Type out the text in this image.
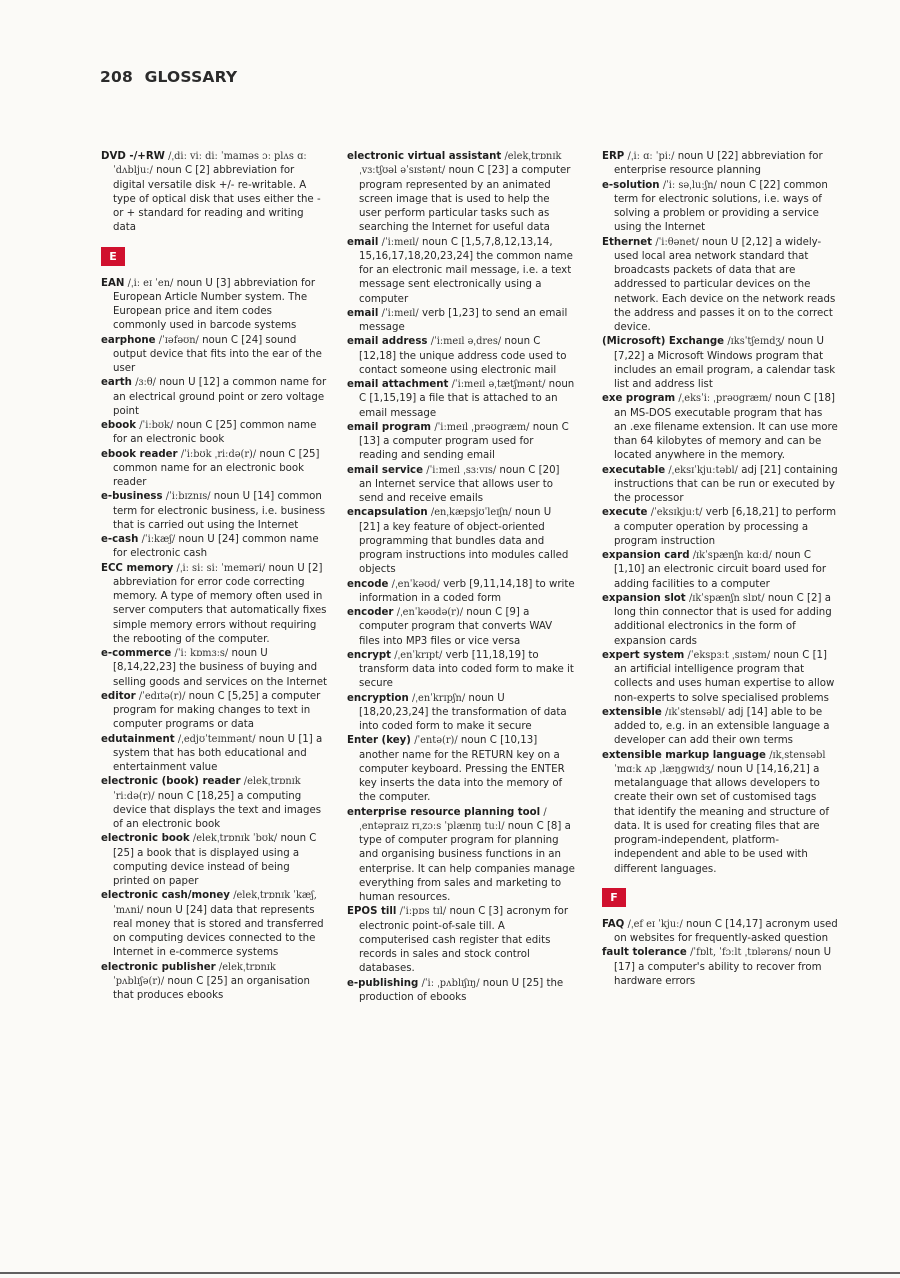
208 GLOSSARY
DVD -/+RW /ˌdiː viː diː ˈmaɪnəs ɔː plʌs ɑː ˈdʌbljuː/ noun C [2] abbreviation for digital versatile disk +/- re-writable. A type of optical disk that uses either the - or + standard for reading and writing data
E
EAN /ˌiː eɪ ˈen/ noun U [3] abbreviation for European Article Number system. The European price and item codes commonly used in barcode systems
earphone /ˈɪəfəʊn/ noun C [24] sound output device that fits into the ear of the user
earth /ɜːθ/ noun U [12] a common name for an electrical ground point or zero voltage point
ebook /ˈiːbʊk/ noun C [25] common name for an electronic book
ebook reader /ˈiːbʊk ˌriːdə(r)/ noun C [25] common name for an electronic book reader
e-business /ˈiːbɪznɪs/ noun U [14] common term for electronic business, i.e. business that is carried out using the Internet
e-cash /ˈiːkæʃ/ noun U [24] common name for electronic cash
ECC memory /ˌiː siː siː ˈmeməri/ noun U [2] abbreviation for error code correcting memory. A type of memory often used in server computers that automatically fixes simple memory errors without requiring the rebooting of the computer.
e-commerce /ˈiː kɒmɜːs/ noun U [8,14,22,23] the business of buying and selling goods and services on the Internet
editor /ˈedɪtə(r)/ noun C [5,25] a computer program for making changes to text in computer programs or data
edutainment /ˌedjʊˈteɪnmənt/ noun U [1] a system that has both educational and entertainment value
electronic (book) reader /elekˌtrɒnɪk ˈriːdə(r)/ noun C [18,25] a computing device that displays the text and images of an electronic book
electronic book /elekˌtrɒnɪk ˈbʊk/ noun C [25] a book that is displayed using a computing device instead of being printed on paper
electronic cash/money /elekˌtrɒnɪk ˈkæʃ, ˈmʌni/ noun U [24] data that represents real money that is stored and transferred on computing devices connected to the Internet in e-commerce systems
electronic publisher /elekˌtrɒnɪk ˈpʌblɪʃə(r)/ noun C [25] an organisation that produces ebooks
electronic virtual assistant /elekˌtrɒnɪk ˌvɜːtʃʊəl əˈsɪstənt/ noun C [23] a computer program represented by an animated screen image that is used to help the user perform particular tasks such as searching the Internet for useful data
email /ˈiːmeɪl/ noun C [1,5,7,8,12,13,14, 15,16,17,18,20,23,24] the common name for an electronic mail message, i.e. a text message sent electronically using a computer
email /ˈiːmeɪl/ verb [1,23] to send an email message
email address /ˈiːmeɪl əˌdres/ noun C [12,18] the unique address code used to contact someone using electronic mail
email attachment /ˈiːmeɪl əˌtætʃmənt/ noun C [1,15,19] a file that is attached to an email message
email program /ˈiːmeɪl ˌprəʊgræm/ noun C [13] a computer program used for reading and sending email
email service /ˈiːmeɪl ˌsɜːvɪs/ noun C [20] an Internet service that allows user to send and receive emails
encapsulation /enˌkæpsjʊˈleɪʃn/ noun U [21] a key feature of object-oriented programming that bundles data and program instructions into modules called objects
encode /ˌenˈkəʊd/ verb [9,11,14,18] to write information in a coded form
encoder /ˌenˈkəʊdə(r)/ noun C [9] a computer program that converts WAV files into MP3 files or vice versa
encrypt /ˌenˈkrɪpt/ verb [11,18,19] to transform data into coded form to make it secure
encryption /ˌenˈkrɪpʃn/ noun U [18,20,23,24] the transformation of data into coded form to make it secure
Enter (key) /ˈentə(r)/ noun C [10,13] another name for the RETURN key on a computer keyboard. Pressing the ENTER key inserts the data into the memory of the computer.
enterprise resource planning tool /ˌentəpraɪz rɪˌzɔːs ˈplænɪŋ tuːl/ noun C [8] a type of computer program for planning and organising business functions in an enterprise. It can help companies manage everything from sales and marketing to human resources.
EPOS till /ˈiːpɒs tɪl/ noun C [3] acronym for electronic point-of-sale till. A computerised cash register that edits records in sales and stock control databases.
e-publishing /ˈiː ˌpʌblɪʃɪŋ/ noun U [25] the production of ebooks
ERP /ˌiː ɑː ˈpiː/ noun U [22] abbreviation for enterprise resource planning
e-solution /ˈiː səˌluːʃn/ noun C [22] common term for electronic solutions, i.e. ways of solving a problem or providing a service using the Internet
Ethernet /ˈiːθənet/ noun U [2,12] a widely-used local area network standard that broadcasts packets of data that are addressed to particular devices on the network. Each device on the network reads the address and passes it on to the correct device.
(Microsoft) Exchange /ɪksˈtʃeɪndʒ/ noun U [7,22] a Microsoft Windows program that includes an email program, a calendar task list and address list
exe program /ˌeksˈiː ˌprəʊgræm/ noun C [18] an MS-DOS executable program that has an .exe filename extension. It can use more than 64 kilobytes of memory and can be located anywhere in the memory.
executable /ˌeksɪˈkjuːtəbl/ adj [21] containing instructions that can be run or executed by the processor
execute /ˈeksɪkjuːt/ verb [6,18,21] to perform a computer operation by processing a program instruction
expansion card /ɪkˈspænʃn kɑːd/ noun C [1,10] an electronic circuit board used for adding facilities to a computer
expansion slot /ɪkˈspænʃn slɒt/ noun C [2] a long thin connector that is used for adding additional electronics in the form of expansion cards
expert system /ˈekspɜːt ˌsɪstəm/ noun C [1] an artificial intelligence program that collects and uses human expertise to allow non-experts to solve specialised problems
extensible /ɪkˈstensəbl/ adj [14] able to be added to, e.g. in an extensible language a developer can add their own terms
extensible markup language /ɪkˌstensəbl ˈmɑːk ʌp ˌlæŋgwɪdʒ/ noun U [14,16,21] a metalanguage that allows developers to create their own set of customised tags that identify the meaning and structure of data. It is used for creating files that are program-independent, platform-independent and able to be used with different languages.
F
FAQ /ˌef eɪ ˈkjuː/ noun C [14,17] acronym used on websites for frequently-asked question
fault tolerance /ˈfɒlt, ˈfɔːlt ˌtɒlərəns/ noun U [17] a computer's ability to recover from hardware errors
